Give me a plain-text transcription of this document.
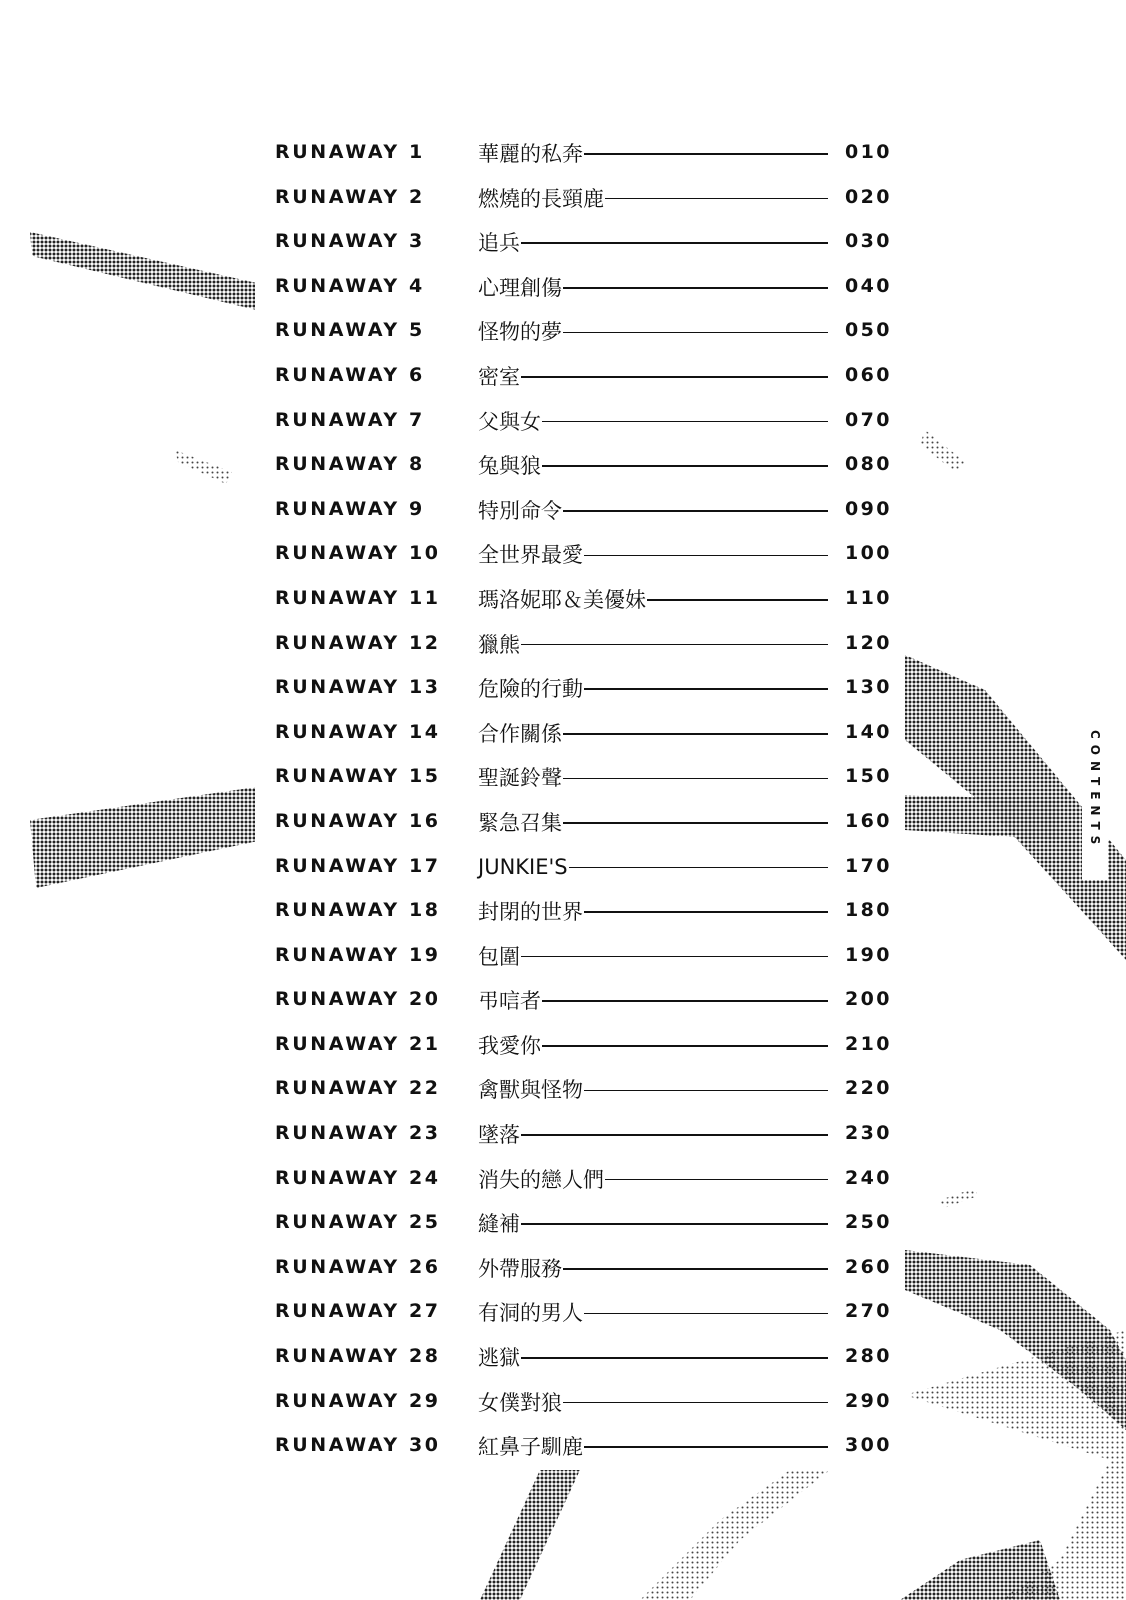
RUNAWAY 1	華麗的私奔	010
RUNAWAY 2	燃燒的長頸鹿	020
RUNAWAY 3	追兵	030
RUNAWAY 4	心理創傷	040
RUNAWAY 5	怪物的夢	050
RUNAWAY 6	密室	060
RUNAWAY 7	父與女	070
RUNAWAY 8	兔與狼	080
RUNAWAY 9	特別命令	090
RUNAWAY 10 全世界最愛	100
RUNAWAY 11 瑪洛妮耶＆美優妹	110
RUNAWAY 12 獵熊	120
RUNAWAY 13 危險的行動	130
RUNAWAY 14 合作關係	140
RUNAWAY 15 聖誕鈴聲	150
RUNAWAY 16 緊急召集	160
RUNAWAY 17 JUNKIE'S	170
RUNAWAY 18 封閉的世界	180
RUNAWAY 19 包圍	190
RUNAWAY 20 弔唁者	200
RUNAWAY 21 我愛你	210
RUNAWAY 22 禽獸與怪物	220
RUNAWAY 23 墜落	230
RUNAWAY 24 消失的戀人們	240
RUNAWAY 25 縫補	250
RUNAWAY 26 外帶服務	260
RUNAWAY 27 有洞的男人	270
RUNAWAY 28 逃獄	280
RUNAWAY 29 女僕對狼	290
RUNAWAY 30 紅鼻子馴鹿	300
CONTENTS
